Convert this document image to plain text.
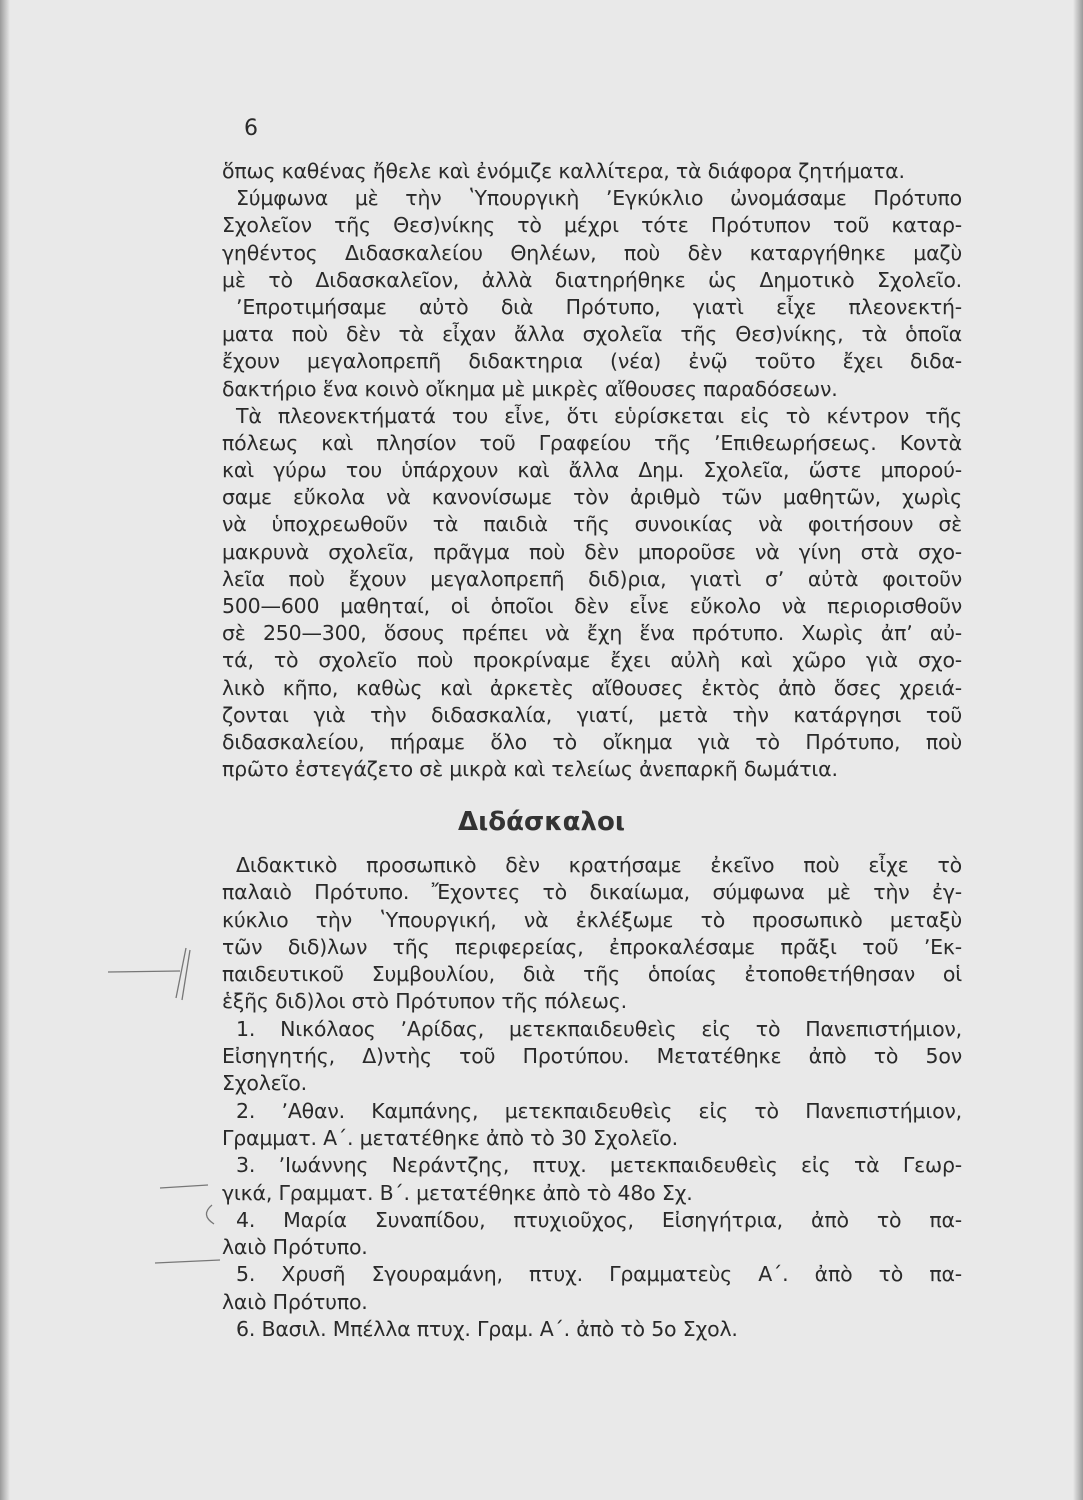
6
ὅπως καθένας ἤθελε καὶ ἐνόμιζε καλλίτερα, τὰ διάφορα ζητήματα.
Σύμφωνα μὲ τὴν ʽΥπουργικὴ ʼΕγκύκλιο ὠνομάσαμε Πρότυπο
Σχολεῖον τῆς Θεσ)νίκης τὸ μέχρι τότε Πρότυπον τοῦ καταρ-
γηθέντος Διδασκαλείου Θηλέων, ποὺ δὲν καταργήθηκε μαζὺ
μὲ τὸ Διδασκαλεῖον, ἀλλὰ διατηρήθηκε ὡς Δημοτικὸ Σχολεῖο.
ʼΕπροτιμήσαμε αὐτὸ διὰ Πρότυπο, γιατὶ εἶχε πλεονεκτή-
ματα ποὺ δὲν τὰ εἶχαν ἄλλα σχολεῖα τῆς Θεσ)νίκης, τὰ ὁποῖα
ἔχουν μεγαλοπρεπῆ διδακτηρια (νέα) ἐνῷ τοῦτο ἔχει διδα-
δακτήριο ἕνα κοινὸ οἴκημα μὲ μικρὲς αἴθουσες παραδόσεων.
Τὰ πλεονεκτήματά του εἶνε, ὅτι εὑρίσκεται εἰς τὸ κέντρον τῆς
πόλεως καὶ πλησίον τοῦ Γραφείου τῆς ʼΕπιθεωρήσεως. Κοντὰ
καὶ γύρω του ὑπάρχουν καὶ ἄλλα Δημ. Σχολεῖα, ὥστε μπορού-
σαμε εὔκολα νὰ κανονίσωμε τὸν ἀριθμὸ τῶν μαθητῶν, χωρὶς
νὰ ὑποχρεωθοῦν τὰ παιδιὰ τῆς συνοικίας νὰ φοιτήσουν σὲ
μακρυνὰ σχολεῖα, πρᾶγμα ποὺ δὲν μποροῦσε νὰ γίνη στὰ σχο-
λεῖα ποὺ ἔχουν μεγαλοπρεπῆ διδ)ρια, γιατὶ σʼ αὐτὰ φοιτοῦν
500—600 μαθηταί, οἱ ὁποῖοι δὲν εἶνε εὔκολο νὰ περιορισθοῦν
σὲ 250—300, ὅσους πρέπει νὰ ἔχη ἕνα πρότυπο. Χωρὶς ἀπʼ αὐ-
τά, τὸ σχολεῖο ποὺ προκρίναμε ἔχει αὐλὴ καὶ χῶρο γιὰ σχο-
λικὸ κῆπο, καθὼς καὶ ἀρκετὲς αἴθουσες ἐκτὸς ἀπὸ ὅσες χρειά-
ζονται γιὰ τὴν διδασκαλία, γιατί, μετὰ τὴν κατάργησι τοῦ
διδασκαλείου, πήραμε ὅλο τὸ οἴκημα γιὰ τὸ Πρότυπο, ποὺ
πρῶτο ἐστεγάζετο σὲ μικρὰ καὶ τελείως ἀνεπαρκῆ δωμάτια.
Διδάσκαλοι
Διδακτικὸ προσωπικὸ δὲν κρατήσαμε ἐκεῖνο ποὺ εἶχε τὸ
παλαιὸ Πρότυπο. Ἔχοντες τὸ δικαίωμα, σύμφωνα μὲ τὴν ἐγ-
κύκλιο τὴν ʽΥπουργική, νὰ ἐκλέξωμε τὸ προσωπικὸ μεταξὺ
τῶν διδ)λων τῆς περιφερείας, ἐπροκαλέσαμε πρᾶξι τοῦ ʼΕκ-
παιδευτικοῦ Συμβουλίου, διὰ τῆς ὁποίας ἐτοποθετήθησαν οἱ
ἑξῆς διδ)λοι στὸ Πρότυπον τῆς πόλεως.
1. Νικόλαος ʼΑρίδας, μετεκπαιδευθεὶς εἰς τὸ Πανεπιστήμιον,
Εἰσηγητής, Δ)ντὴς τοῦ Προτύπου. Μετατέθηκε ἀπὸ τὸ 5ον
Σχολεῖο.
2. ʼΑθαν. Καμπάνης, μετεκπαιδευθεὶς εἰς τὸ Πανεπιστήμιον,
Γραμματ. Α΄. μετατέθηκε ἀπὸ τὸ 30 Σχολεῖο.
3. ʼΙωάννης Νεράντζης, πτυχ. μετεκπαιδευθεὶς εἰς τὰ Γεωρ-
γικά, Γραμματ. Β΄. μετατέθηκε ἀπὸ τὸ 48ο Σχ.
4. Μαρία Συναπίδου, πτυχιοῦχος, Εἰσηγήτρια, ἀπὸ τὸ πα-
λαιὸ Πρότυπο.
5. Χρυσῆ Σγουραμάνη, πτυχ. Γραμματεὺς Α΄. ἀπὸ τὸ πα-
λαιὸ Πρότυπο.
6. Βασιλ. Μπέλλα πτυχ. Γραμ. Α΄. ἀπὸ τὸ 5ο Σχολ.
